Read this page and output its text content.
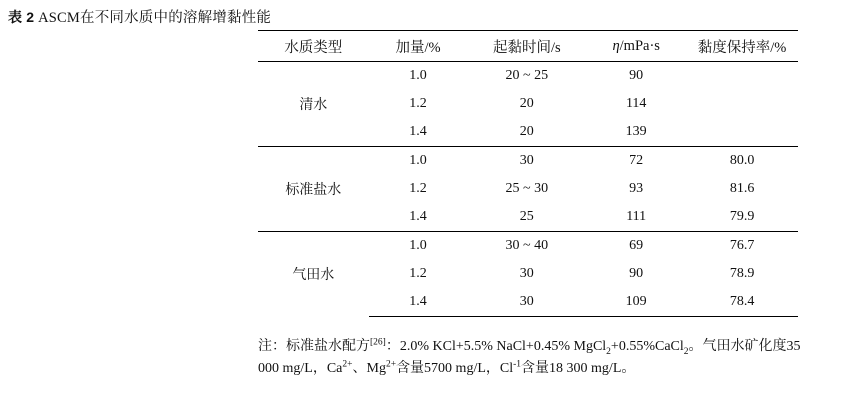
表 2 ASCM在不同水质中的溶解增黏性能
水质类型	加量/%	起黏时间/s	η/mPa·s	黏度保持率/%
清水	1.0	20 ~ 25	90	
	1.2	20	114	
	1.4	20	139	
标准盐水	1.0	30	72	80.0
	1.2	25 ~ 30	93	81.6
	1.4	25	111	79.9
气田水	1.0	30 ~ 40	69	76.7
	1.2	30	90	78.9
	1.4	30	109	78.4
注：标准盐水配方[26]：2.0% KCl+5.5% NaCl+0.45% MgCl$_2$+0.55%CaCl$_2$。气田水矿化度35 000 mg/L，$Ca^{2+}$、$Mg^{2+}$含量5700 mg/L，$Cl^{-1}$含量18 300 mg/L。
